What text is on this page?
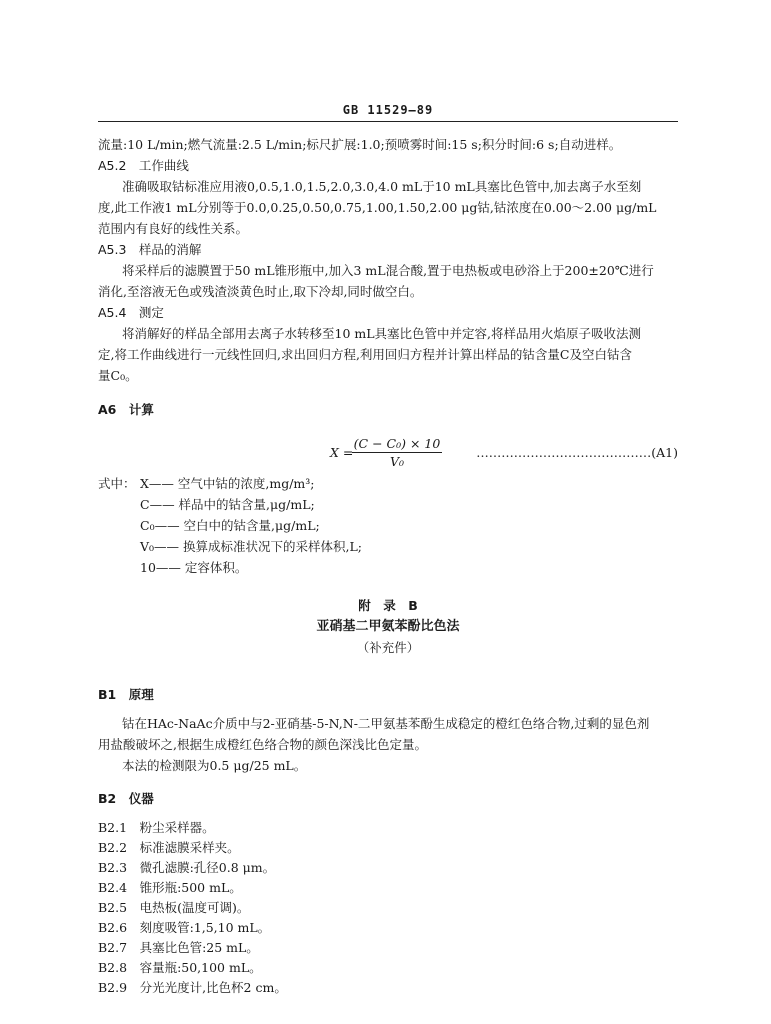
GB 11529—89
流量:10 L/min;燃气流量:2.5 L/min;标尺扩展:1.0;预喷雾时间:15 s;积分时间:6 s;自动进样。
A5.2　工作曲线
准确吸取钴标准应用液0,0.5,1.0,1.5,2.0,3.0,4.0 mL于10 mL具塞比色管中,加去离子水至刻
度,此工作液1 mL分别等于0.0,0.25,0.50,0.75,1.00,1.50,2.00 μg钴,钴浓度在0.00～2.00 μg/mL
范围内有良好的线性关系。
A5.3　样品的消解
将采样后的滤膜置于50 mL锥形瓶中,加入3 mL混合酸,置于电热板或电砂浴上于200±20℃进行
消化,至溶液无色或残渣淡黄色时止,取下冷却,同时做空白。
A5.4　测定
将消解好的样品全部用去离子水转移至10 mL具塞比色管中并定容,将样品用火焰原子吸收法测
定,将工作曲线进行一元线性回归,求出回归方程,利用回归方程并计算出样品的钴含量C及空白钴含
量C₀。
A6　计算
X =
$\frac{\text{(C − C₀) × 10}}{\text{V₀}}$	……………………………………(A1)
式中： X—— 空气中钴的浓度,mg/m³;
C—— 样品中的钴含量,μg/mL;
C₀—— 空白中的钴含量,μg/mL;
V₀—— 换算成标准状况下的采样体积,L;
10—— 定容体积。
附　录　B
亚硝基二甲氨苯酚比色法
（补充件）
B1　原理
钴在HAc-NaAc介质中与2-亚硝基-5-N,N-二甲氨基苯酚生成稳定的橙红色络合物,过剩的显色剂
用盐酸破坏之,根据生成橙红色络合物的颜色深浅比色定量。
本法的检测限为0.5 μg/25 mL。
B2　仪器
B2.1　粉尘采样器。
B2.2　标准滤膜采样夹。
B2.3　微孔滤膜:孔径0.8 μm。
B2.4　锥形瓶:500 mL。
B2.5　电热板(温度可调)。
B2.6　刻度吸管:1,5,10 mL。
B2.7　具塞比色管:25 mL。
B2.8　容量瓶:50,100 mL。
B2.9　分光光度计,比色杯2 cm。
